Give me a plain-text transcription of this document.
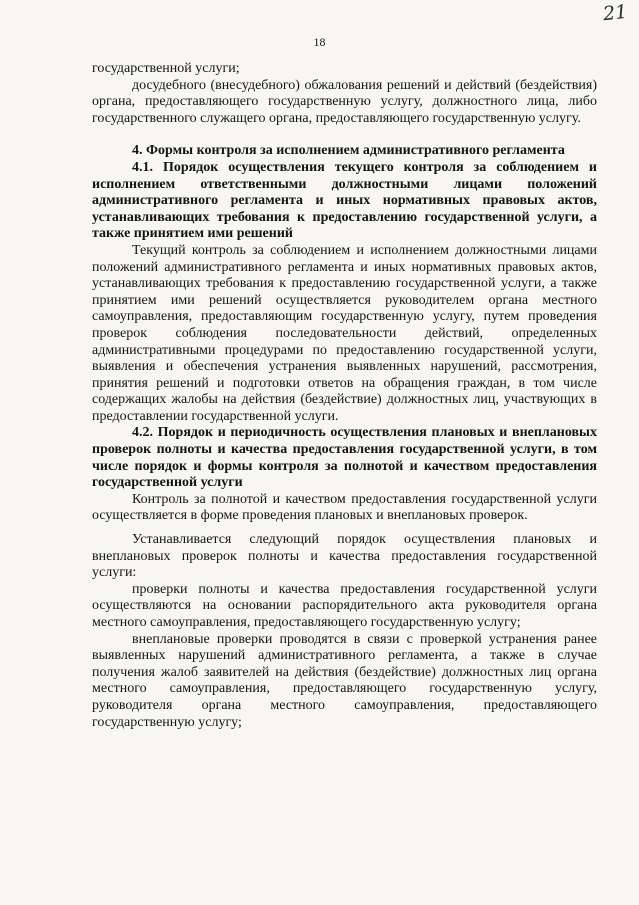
21
18

государственной услуги;

досудебного (внесудебного) обжалования решений и действий (бездействия) органа, предоставляющего государственную услугу, должностного лица, либо государственного служащего органа, предоставляющего государственную услугу.

4. Формы контроля за исполнением административного регламента

4.1. Порядок осуществления текущего контроля за соблюдением и исполнением ответственными должностными лицами положений административного регламента и иных нормативных правовых актов, устанавливающих требования к предоставлению государственной услуги, а также принятием ими решений

Текущий контроль за соблюдением и исполнением должностными лицами положений административного регламента и иных нормативных правовых актов, устанавливающих требования к предоставлению государственной услуги, а также принятием ими решений осуществляется руководителем органа местного самоуправления, предоставляющим государственную услугу, путем проведения проверок соблюдения последовательности действий, определенных административными процедурами по предоставлению государственной услуги, выявления и обеспечения устранения выявленных нарушений, рассмотрения, принятия решений и подготовки ответов на обращения граждан, в том числе содержащих жалобы на действия (бездействие) должностных лиц, участвующих в предоставлении государственной услуги.

4.2. Порядок и периодичность осуществления плановых и внеплановых проверок полноты и качества предоставления государственной услуги, в том числе порядок и формы контроля за полнотой и качеством предоставления государственной услуги

Контроль за полнотой и качеством предоставления государственной услуги осуществляется в форме проведения плановых и внеплановых проверок.

Устанавливается следующий порядок осуществления плановых и внеплановых проверок полноты и качества предоставления государственной услуги:

проверки полноты и качества предоставления государственной услуги осуществляются на основании распорядительного акта руководителя органа местного самоуправления, предоставляющего государственную услугу;

внеплановые проверки проводятся в связи с проверкой устранения ранее выявленных нарушений административного регламента, а также в случае получения жалоб заявителей на действия (бездействие) должностных лиц органа местного самоуправления, предоставляющего государственную услугу, руководителя органа местного самоуправления, предоставляющего государственную услугу;
